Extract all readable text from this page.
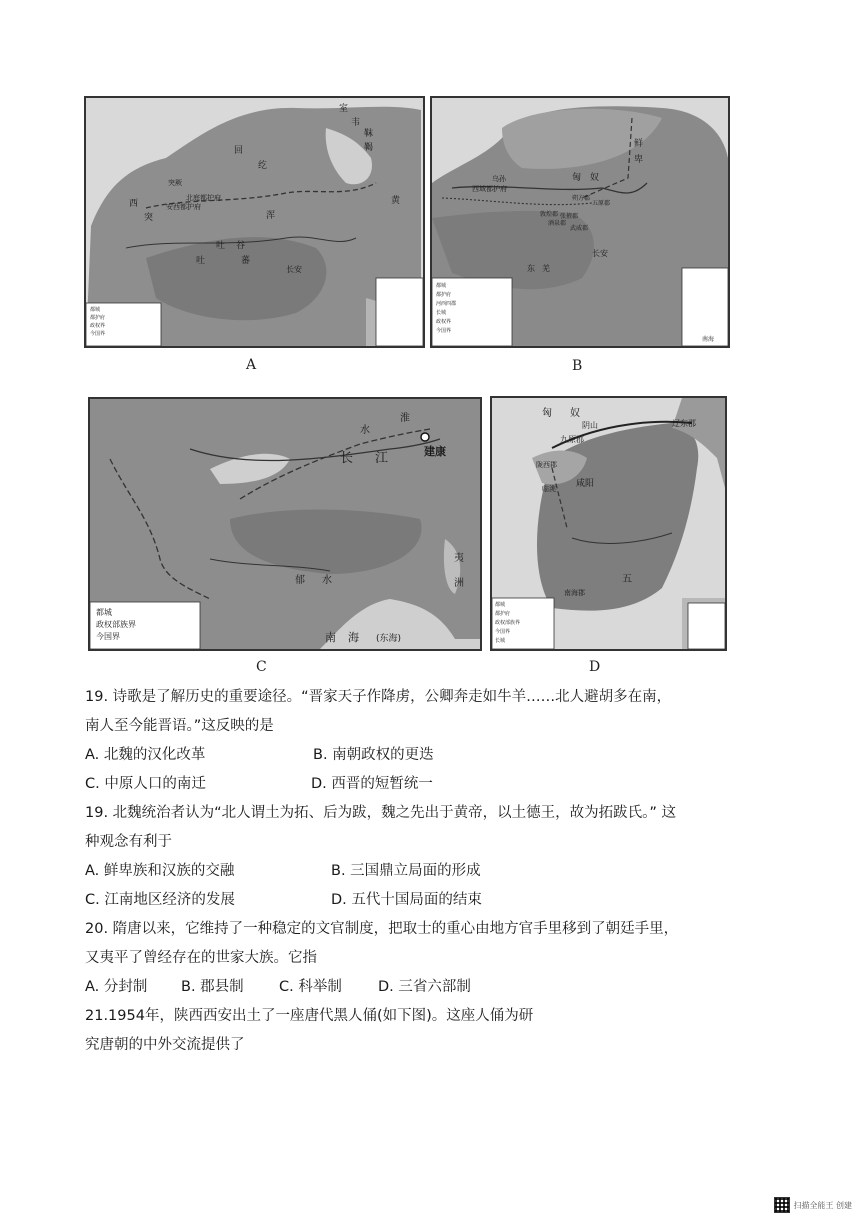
室
韦
回
纥
靺
鞨
突厥
北庭都护府
安西都护府
吐 谷
浑
吐	蕃
长安
西
突
黄
都城
都护府
政权界
今国界
A
鲜
卑
匈 奴
西域都护府
乌孙
敦煌郡
酒泉郡
张掖郡
武威郡
长安
朔方郡
五原郡
东 羌
南海
都城
都护府
河西四郡
长城
政权界
今国界
B
淮
水
长 江	建康
郁 水
夷
洲
南 海 (东海)
都城
政权部族界
今国界
C
匈 奴
阴山
九原郡
辽东郡
陇西郡
咸阳
临洮
五
南海郡
都城
都护府
政权部族界
今国界
长城
D
19. 诗歌是了解历史的重要途径。“晋家天子作降虏，公卿奔走如牛羊……北人避胡多在南，
南人至今能晋语。”这反映的是
A. 北魏的汉化改革	B. 南朝政权的更迭
C. 中原人口的南迁	D. 西晋的短暂统一
19. 北魏统治者认为“北人谓土为拓、后为跋，魏之先出于黄帝，以土德王，故为拓跋氏。” 这
种观念有利于
A. 鲜卑族和汉族的交融	B. 三国鼎立局面的形成
C. 江南地区经济的发展	D. 五代十国局面的结束
20. 隋唐以来，它维持了一种稳定的文官制度，把取士的重心由地方官手里移到了朝廷手里，
又夷平了曾经存在的世家大族。它指
A. 分封制	B. 郡县制	C. 科举制	D. 三省六部制
21.1954年，陕西西安出土了一座唐代黑人俑(如下图)。这座人俑为研
究唐朝的中外交流提供了
扫描全能王 创建
